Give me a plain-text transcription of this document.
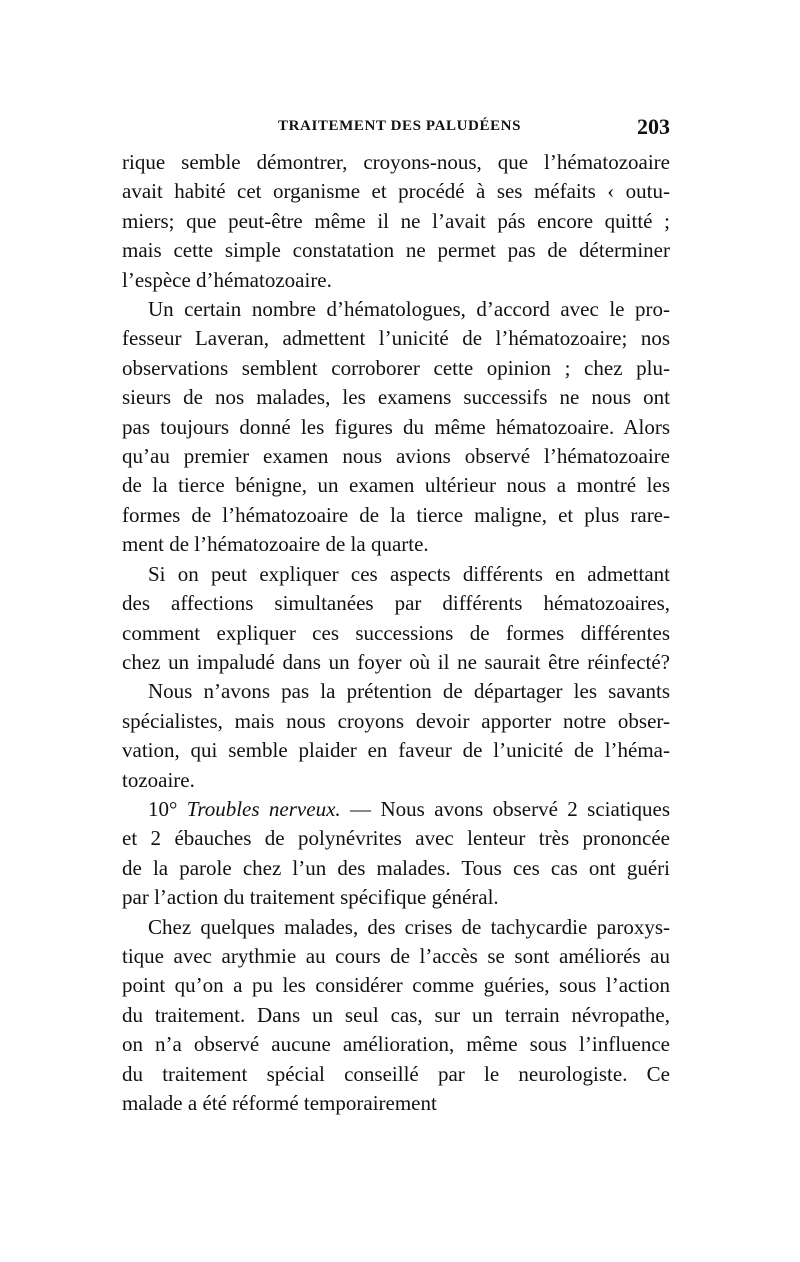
TRAITEMENT DES PALUDÉENS	203

rique semble démontrer, croyons-nous, que l’hématozoaire
avait habité cet organisme et procédé à ses méfaits ‹ outu-
miers; que peut-être même il ne l’avait pás encore quitté ;
mais cette simple constatation ne permet pas de déterminer
l’espèce d’hématozoaire.

Un certain nombre d’hématologues, d’accord avec le pro-
fesseur Laveran, admettent l’unicité de l’hématozoaire; nos
observations semblent corroborer cette opinion ; chez plu-
sieurs de nos malades, les examens successifs ne nous ont
pas toujours donné les figures du même hématozoaire. Alors
qu’au premier examen nous avions observé l’hématozoaire
de la tierce bénigne, un examen ultérieur nous a montré les
formes de l’hématozoaire de la tierce maligne, et plus rare-
ment de l’hématozoaire de la quarte.

Si on peut expliquer ces aspects différents en admettant
des affections simultanées par différents hématozoaires,
comment expliquer ces successions de formes différentes
chez un impaludé dans un foyer où il ne saurait être réinfecté?

Nous n’avons pas la prétention de départager les savants
spécialistes, mais nous croyons devoir apporter notre obser-
vation, qui semble plaider en faveur de l’unicité de l’héma-
tozoaire.

10° Troubles nerveux. — Nous avons observé 2 sciatiques
et 2 ébauches de polynévrites avec lenteur très prononcée
de la parole chez l’un des malades. Tous ces cas ont guéri
par l’action du traitement spécifique général.

Chez quelques malades, des crises de tachycardie paroxys-
tique avec arythmie au cours de l’accès se sont améliorés au
point qu’on a pu les considérer comme guéries, sous l’action
du traitement. Dans un seul cas, sur un terrain névropathe,
on n’a observé aucune amélioration, même sous l’influence
du traitement spécial conseillé par le neurologiste. Ce
malade a été réformé temporairement
